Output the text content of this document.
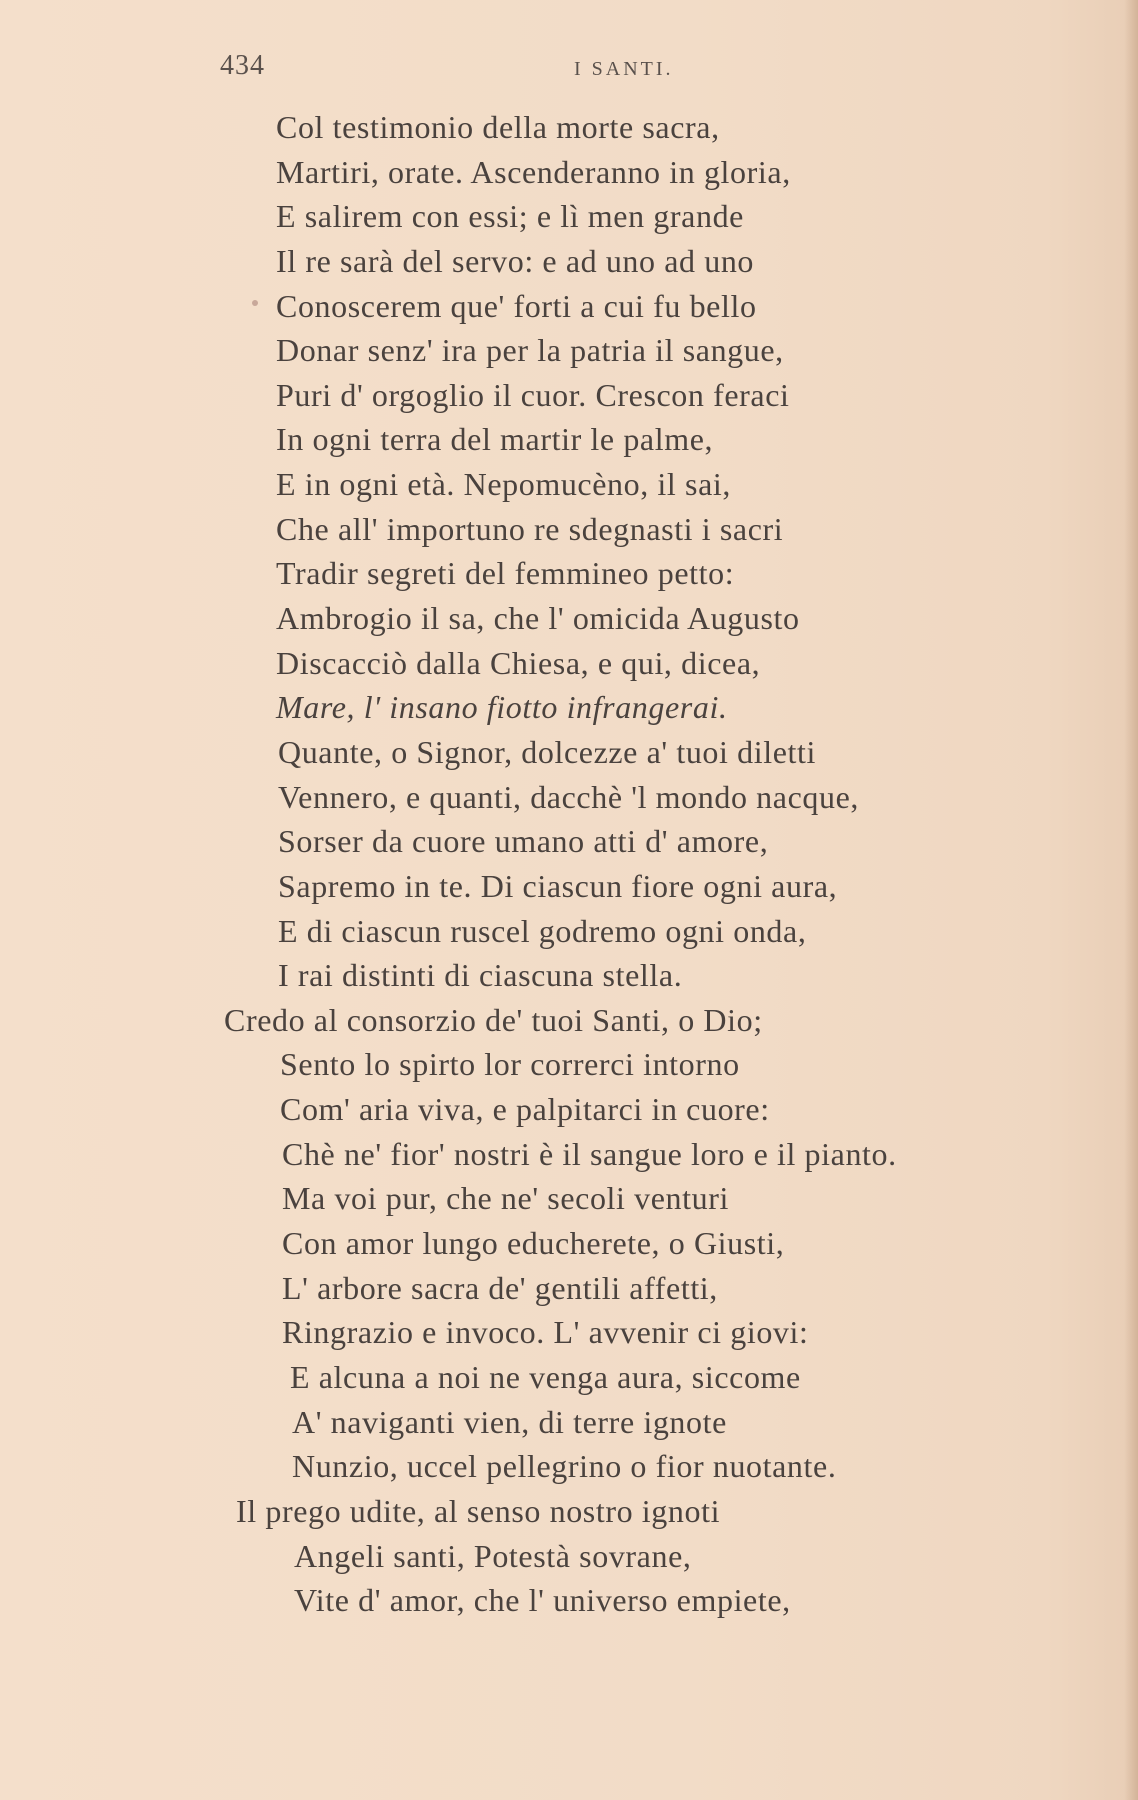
434	I SANTI.
Col testimonio della morte sacra,
Martiri, orate. Ascenderanno in gloria,
E salirem con essi; e lì men grande
Il re sarà del servo: e ad uno ad uno
Conoscerem que' forti a cui fu bello
Donar senz' ira per la patria il sangue,
Puri d' orgoglio il cuor. Crescon feraci
In ogni terra del martir le palme,
E in ogni età. Nepomucèno, il sai,
Che all' importuno re sdegnasti i sacri
Tradir segreti del femmineo petto:
Ambrogio il sa, che l' omicida Augusto
Discacciò dalla Chiesa, e qui, dicea,
Mare, l' insano fiotto infrangerai.
Quante, o Signor, dolcezze a' tuoi diletti
Vennero, e quanti, dacchè 'l mondo nacque,
Sorser da cuore umano atti d' amore,
Sapremo in te. Di ciascun fiore ogni aura,
E di ciascun ruscel godremo ogni onda,
I rai distinti di ciascuna stella.
Credo al consorzio de' tuoi Santi, o Dio;
Sento lo spirto lor correrci intorno
Com' aria viva, e palpitarci in cuore:
Chè ne' fior' nostri è il sangue loro e il pianto.
Ma voi pur, che ne' secoli venturi
Con amor lungo educherete, o Giusti,
L' arbore sacra de' gentili affetti,
Ringrazio e invoco. L' avvenir ci giovi:
E alcuna a noi ne venga aura, siccome
A' naviganti vien, di terre ignote
Nunzio, uccel pellegrino o fior nuotante.
Il prego udite, al senso nostro ignoti
Angeli santi, Potestà sovrane,
Vite d' amor, che l' universo empiete,
